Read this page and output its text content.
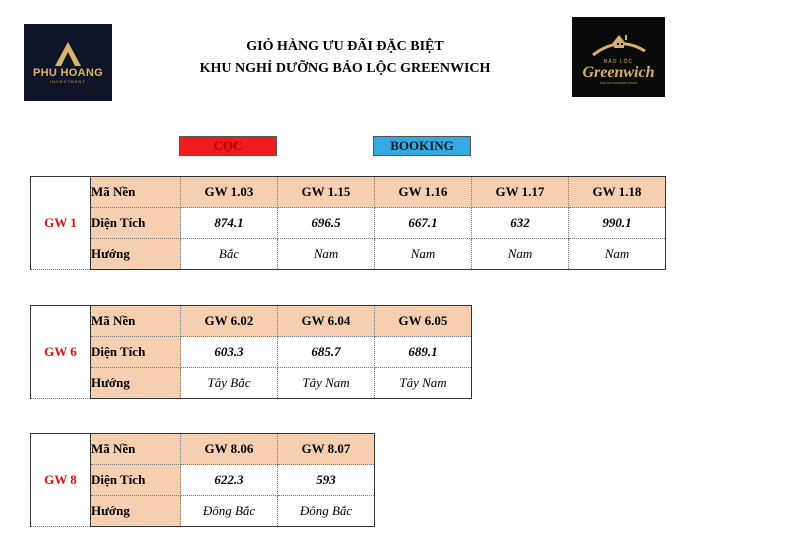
PHU HOANG
INVESTMENT
BẢO LỘC
Greenwich
bao loc mountain resort
GIỎ HÀNG ƯU ĐÃI ĐẶC BIỆT
KHU NGHỈ DƯỠNG BẢO LỘC GREENWICH
CỌC	BOOKING
GW 1	Mã Nền	GW 1.03	GW 1.15	GW 1.16	GW 1.17	GW 1.18
	Diện Tích	874.1	696.5	667.1	632	990.1
	Hướng	Bắc	Nam	Nam	Nam	Nam
GW 6	Mã Nền	GW 6.02	GW 6.04	GW 6.05
	Diện Tích	603.3	685.7	689.1
	Hướng	Tây Bắc	Tây Nam	Tây Nam
GW 8	Mã Nền	GW 8.06	GW 8.07
	Diện Tích	622.3	593
	Hướng	Đông Bắc	Đông Bắc
